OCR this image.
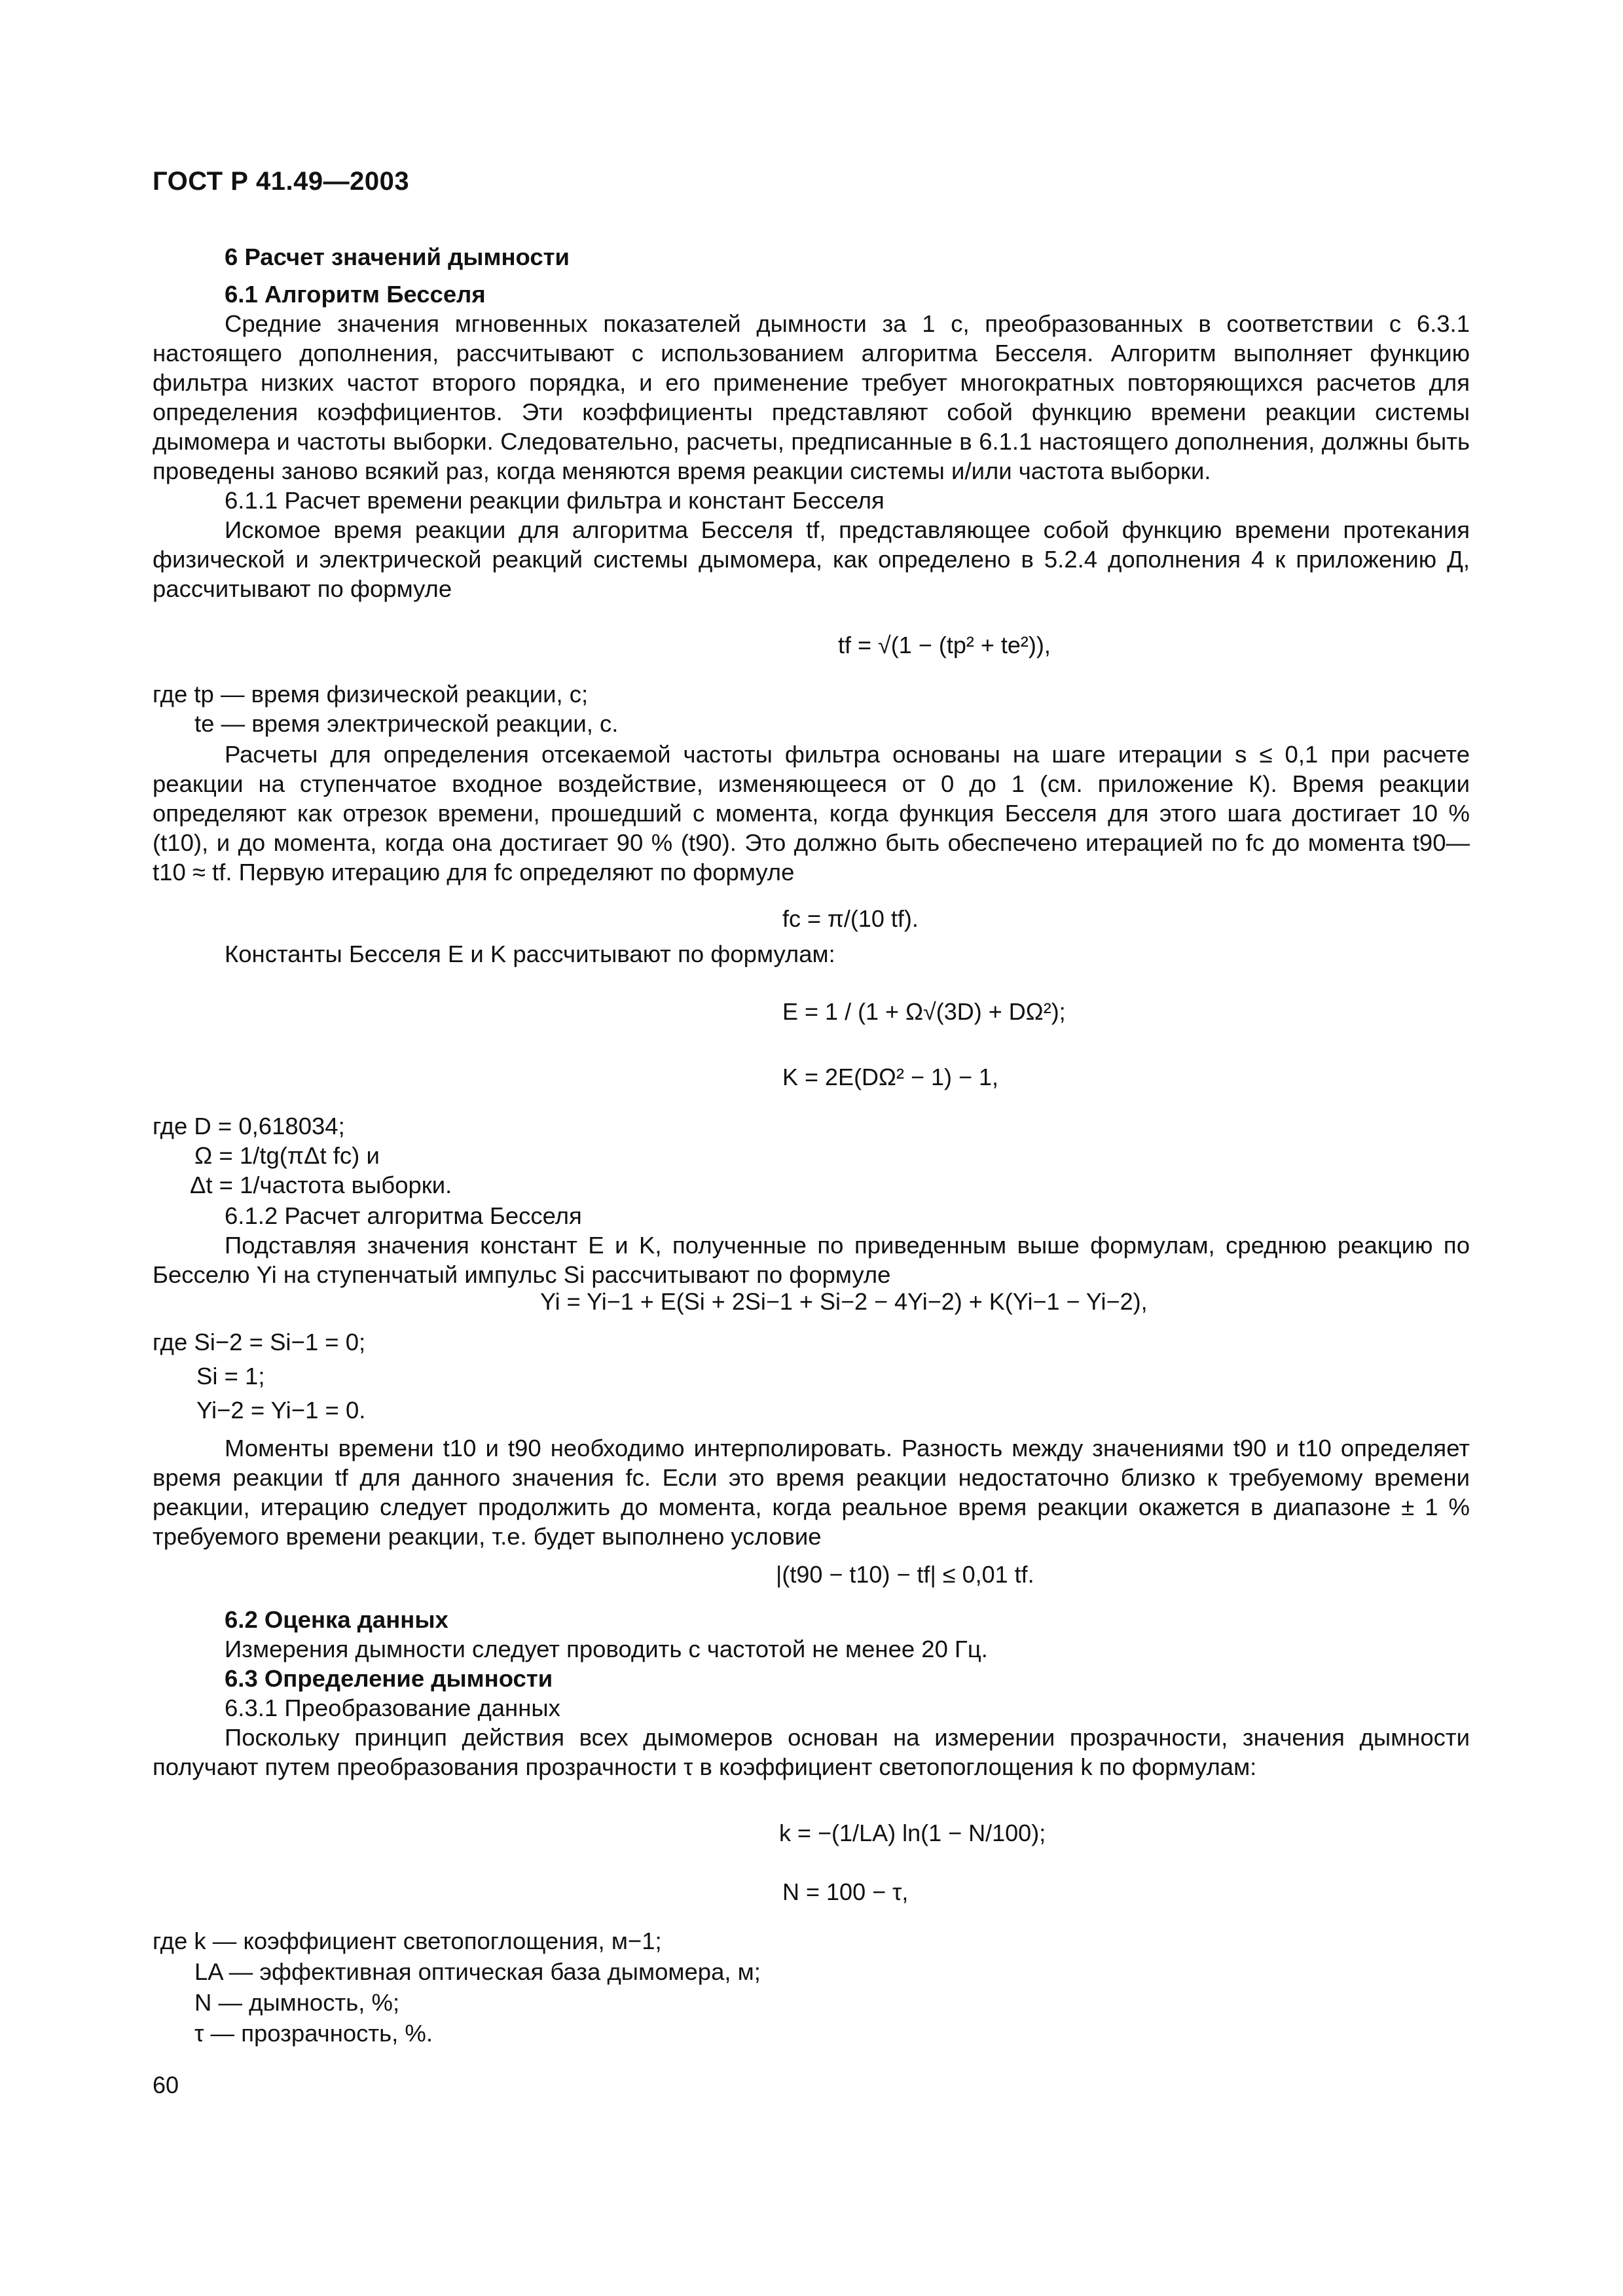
ГОСТ Р 41.49—2003

6 Расчет значений дымности

6.1 Алгоритм Бесселя

Средние значения мгновенных показателей дымности за 1 с, преобразованных в соответствии с 6.3.1 настоящего дополнения, рассчитывают с использованием алгоритма Бесселя. Алгоритм выполняет функцию фильтра низких частот второго порядка, и его применение требует многократных повторяющихся расчетов для определения коэффициентов. Эти коэффициенты представляют собой функцию времени реакции системы дымомера и частоты выборки. Следовательно, расчеты, предписанные в 6.1.1 настоящего дополнения, должны быть проведены заново всякий раз, когда меняются время реакции системы и/или частота выборки.

6.1.1 Расчет времени реакции фильтра и констант Бесселя

Искомое время реакции для алгоритма Бесселя tf, представляющее собой функцию времени протекания физической и электрической реакций системы дымомера, как определено в 5.2.4 дополнения 4 к приложению Д, рассчитывают по формуле

tf = √(1 − (tp² + te²)),
где tp — время физической реакции, с;
te — время электрической реакции, с.

Расчеты для определения отсекаемой частоты фильтра основаны на шаге итерации s ≤ 0,1 при расчете реакции на ступенчатое входное воздействие, изменяющееся от 0 до 1 (см. приложение К). Время реакции определяют как отрезок времени, прошедший с момента, когда функция Бесселя для этого шага достигает 10 % (t10), и до момента, когда она достигает 90 % (t90). Это должно быть обеспечено итерацией по fc до момента t90—t10 ≈ tf. Первую итерацию для fc определяют по формуле

fc = π/(10 tf).

Константы Бесселя E и K рассчитывают по формулам:

E = 1 / (1 + Ω√(3D) + DΩ²);
K = 2E(DΩ² − 1) − 1,
где D = 0,618034;
Ω = 1/tg(πΔt fc) и
Δt = 1/частота выборки.

6.1.2 Расчет алгоритма Бесселя

Подставляя значения констант E и K, полученные по приведенным выше формулам, среднюю реакцию по Бесселю Yi на ступенчатый импульс Si рассчитывают по формуле

Yi = Yi−1 + E(Si + 2Si−1 + Si−2 − 4Yi−2) + K(Yi−1 − Yi−2),
где Si−2 = Si−1 = 0;
Si = 1;
Yi−2 = Yi−1 = 0.

Моменты времени t10 и t90 необходимо интерполировать. Разность между значениями t90 и t10 определяет время реакции tf для данного значения fc. Если это время реакции недостаточно близко к требуемому времени реакции, итерацию следует продолжить до момента, когда реальное время реакции окажется в диапазоне ± 1 % требуемого времени реакции, т.е. будет выполнено условие

|(t90 − t10) − tf| ≤ 0,01 tf.

6.2 Оценка данных

Измерения дымности следует проводить с частотой не менее 20 Гц.

6.3 Определение дымности

6.3.1 Преобразование данных

Поскольку принцип действия всех дымомеров основан на измерении прозрачности, значения дымности получают путем преобразования прозрачности τ в коэффициент светопоглощения k по формулам:

k = −(1/LA) ln(1 − N/100);
N = 100 − τ,
где k — коэффициент светопоглощения, м−1;
LA — эффективная оптическая база дымомера, м;
N — дымность, %;
τ — прозрачность, %.
60
